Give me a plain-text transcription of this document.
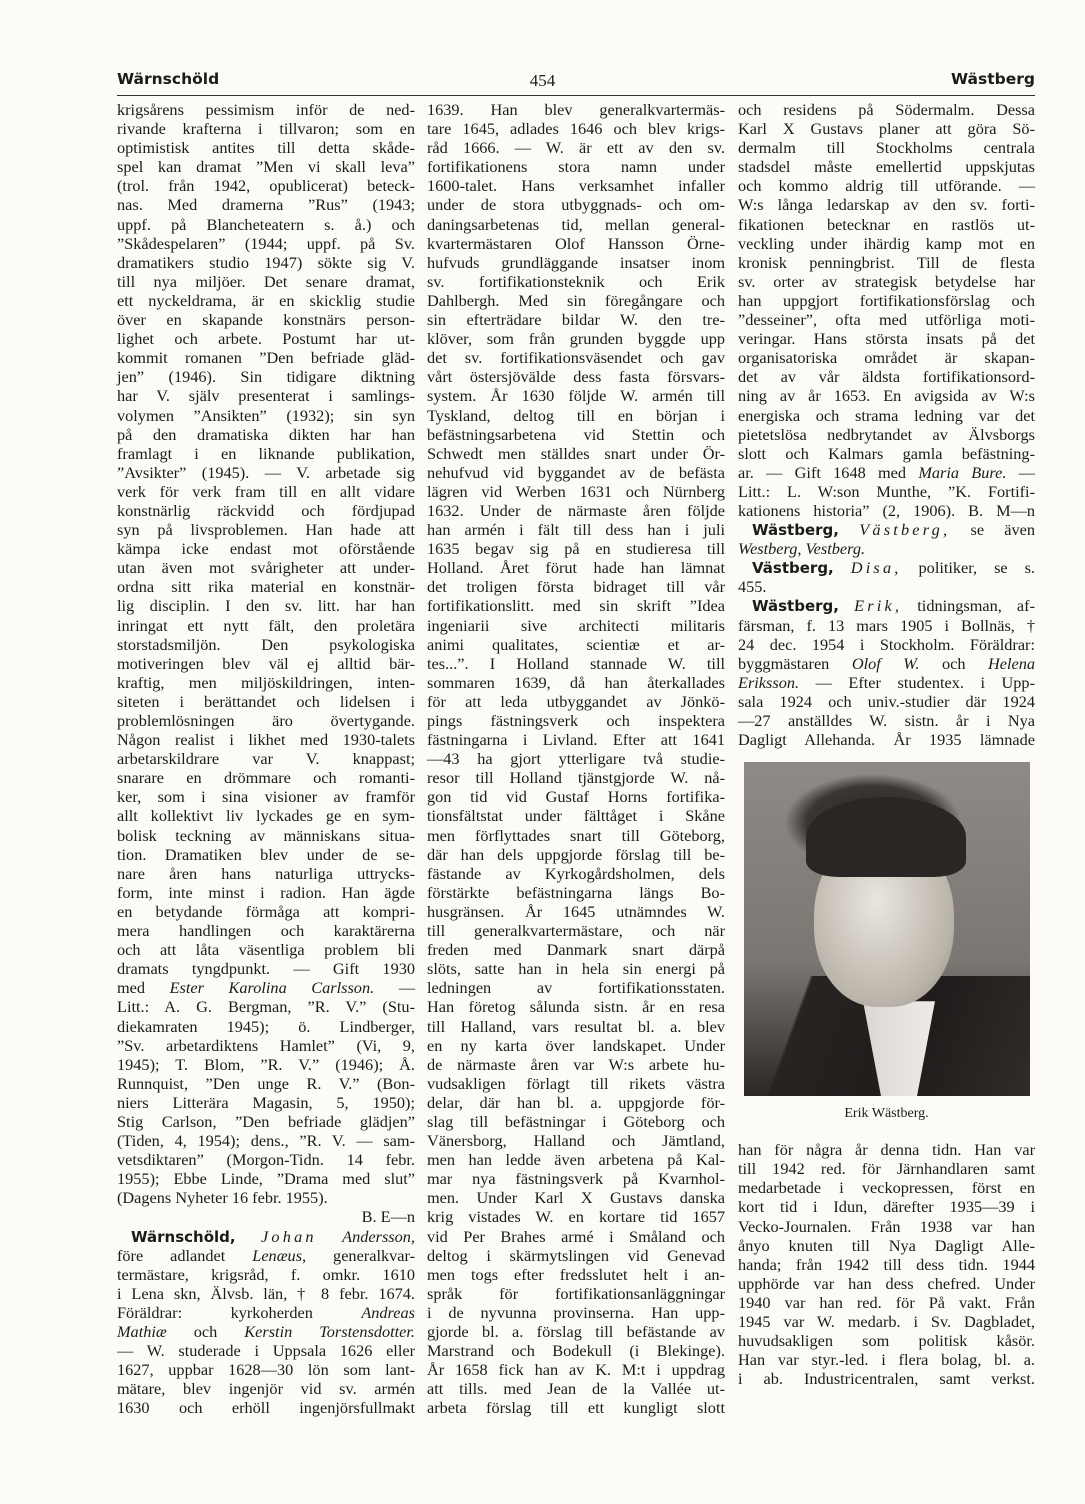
Wärnschöld	454	Wästberg
krigsårens pessimism inför de ned-
rivande krafterna i tillvaron; som en
optimistisk antites till detta skåde-
spel kan dramat ”Men vi skall leva”
(trol. från 1942, opublicerat) beteck-
nas. Med dramerna ”Rus” (1943;
uppf. på Blancheteatern s. å.) och
”Skådespelaren” (1944; uppf. på Sv.
dramatikers studio 1947) sökte sig V.
till nya miljöer. Det senare dramat,
ett nyckeldrama, är en skicklig studie
över en skapande konstnärs person-
lighet och arbete. Postumt har ut-
kommit romanen ”Den befriade gläd-
jen” (1946). Sin tidigare diktning
har V. själv presenterat i samlings-
volymen ”Ansikten” (1932); sin syn
på den dramatiska dikten har han
framlagt i en liknande publikation,
”Avsikter” (1945). — V. arbetade sig
verk för verk fram till en allt vidare
konstnärlig räckvidd och fördjupad
syn på livsproblemen. Han hade att
kämpa icke endast mot oförstående
utan även mot svårigheter att under-
ordna sitt rika material en konstnär-
lig disciplin. I den sv. litt. har han
inringat ett nytt fält, den proletära
storstadsmiljön. Den psykologiska
motiveringen blev väl ej alltid bär-
kraftig, men miljöskildringen, inten-
siteten i berättandet och lidelsen i
problemlösningen äro övertygande.
Någon realist i likhet med 1930-talets
arbetarskildrare var V. knappast;
snarare en drömmare och romanti-
ker, som i sina visioner av framför
allt kollektivt liv lyckades ge en sym-
bolisk teckning av människans situa-
tion. Dramatiken blev under de se-
nare åren hans naturliga uttrycks-
form, inte minst i radion. Han ägde
en betydande förmåga att kompri-
mera handlingen och karaktärerna
och att låta väsentliga problem bli
dramats tyngdpunkt. — Gift 1930
med Ester Karolina Carlsson. —
Litt.: A. G. Bergman, ”R. V.” (Stu-
diekamraten 1945); ö. Lindberger,
”Sv. arbetardiktens Hamlet” (Vi, 9,
1945); T. Blom, ”R. V.” (1946); Å.
Runnquist, ”Den unge R. V.” (Bon-
niers Litterära Magasin, 5, 1950);
Stig Carlson, ”Den befriade glädjen”
(Tiden, 4, 1954); dens., ”R. V. — sam-
vetsdiktaren” (Morgon-Tidn. 14 febr.
1955); Ebbe Linde, ”Drama med slut”
(Dagens Nyheter 16 febr. 1955).
B. E—n
Wärnschöld, Johan Andersson,
före adlandet Lenæus, generalkvar-
termästare, krigsråd, f. omkr. 1610
i Lena skn, Älvsb. län, † 8 febr. 1674.
Föräldrar: kyrkoherden Andreas
Mathiæ och Kerstin Torstensdotter.
— W. studerade i Uppsala 1626 eller
1627, uppbar 1628—30 lön som lant-
mätare, blev ingenjör vid sv. armén
1630 och erhöll ingenjörsfullmakt
1639. Han blev generalkvartermäs-
tare 1645, adlades 1646 och blev krigs-
råd 1666. — W. är ett av den sv.
fortifikationens stora namn under
1600-talet. Hans verksamhet infaller
under de stora utbyggnads- och om-
daningsarbetenas tid, mellan general-
kvartermästaren Olof Hansson Örne-
hufvuds grundläggande insatser inom
sv. fortifikationsteknik och Erik
Dahlbergh. Med sin föregångare och
sin efterträdare bildar W. den tre-
klöver, som från grunden byggde upp
det sv. fortifikationsväsendet och gav
vårt östersjövälde dess fasta försvars-
system. År 1630 följde W. armén till
Tyskland, deltog till en början i
befästningsarbetena vid Stettin och
Schwedt men ställdes snart under Ör-
nehufvud vid byggandet av de befästa
lägren vid Werben 1631 och Nürnberg
1632. Under de närmaste åren följde
han armén i fält till dess han i juli
1635 begav sig på en studieresa till
Holland. Året förut hade han lämnat
det troligen första bidraget till vår
fortifikationslitt. med sin skrift ”Idea
ingeniarii sive architecti militaris
animi qualitates, scientiæ et ar-
tes...”. I Holland stannade W. till
sommaren 1639, då han återkallades
för att leda utbyggandet av Jönkö-
pings fästningsverk och inspektera
fästningarna i Livland. Efter att 1641
—43 ha gjort ytterligare två studie-
resor till Holland tjänstgjorde W. nå-
gon tid vid Gustaf Horns fortifika-
tionsfältstat under fälttåget i Skåne
men förflyttades snart till Göteborg,
där han dels uppgjorde förslag till be-
fästande av Kyrkogårdsholmen, dels
förstärkte befästningarna längs Bo-
husgränsen. År 1645 utnämndes W.
till generalkvartermästare, och när
freden med Danmark snart därpå
slöts, satte han in hela sin energi på
ledningen av fortifikationsstaten.
Han företog sålunda sistn. år en resa
till Halland, vars resultat bl. a. blev
en ny karta över landskapet. Under
de närmaste åren var W:s arbete hu-
vudsakligen förlagt till rikets västra
delar, där han bl. a. uppgjorde för-
slag till befästningar i Göteborg och
Vänersborg, Halland och Jämtland,
men han ledde även arbetena på Kal-
mar nya fästningsverk på Kvarnhol-
men. Under Karl X Gustavs danska
krig vistades W. en kortare tid 1657
vid Per Brahes armé i Småland och
deltog i skärmytslingen vid Genevad
men togs efter fredsslutet helt i an-
språk för fortifikationsanläggningar
i de nyvunna provinserna. Han upp-
gjorde bl. a. förslag till befästande av
Marstrand och Bodekull (i Blekinge).
År 1658 fick han av K. M:t i uppdrag
att tills. med Jean de la Vallée ut-
arbeta förslag till ett kungligt slott
och residens på Södermalm. Dessa
Karl X Gustavs planer att göra Sö-
dermalm till Stockholms centrala
stadsdel måste emellertid uppskjutas
och kommo aldrig till utförande. —
W:s långa ledarskap av den sv. forti-
fikationen betecknar en rastlös ut-
veckling under ihärdig kamp mot en
kronisk penningbrist. Till de flesta
sv. orter av strategisk betydelse har
han uppgjort fortifikationsförslag och
”desseiner”, ofta med utförliga moti-
veringar. Hans största insats på det
organisatoriska området är skapan-
det av vår äldsta fortifikationsord-
ning av år 1653. En avigsida av W:s
energiska och strama ledning var det
pietetslösa nedbrytandet av Älvsborgs
slott och Kalmars gamla befästning-
ar. — Gift 1648 med Maria Bure. —
Litt.: L. W:son Munthe, ”K. Fortifi-
kationens historia” (2, 1906). B. M—n
Wästberg, Västberg, se även
Westberg, Vestberg.
Västberg, Disa, politiker, se s.
455.
Wästberg, Erik, tidningsman, af-
färsman, f. 13 mars 1905 i Bollnäs, †
24 dec. 1954 i Stockholm. Föräldrar:
byggmästaren Olof W. och Helena
Eriksson. — Efter studentex. i Upp-
sala 1924 och univ.-studier där 1924
—27 anställdes W. sistn. år i Nya
Dagligt Allehanda. År 1935 lämnade
Erik Wästberg.
han för några år denna tidn. Han var
till 1942 red. för Järnhandlaren samt
medarbetade i veckopressen, först en
kort tid i Idun, därefter 1935—39 i
Vecko-Journalen. Från 1938 var han
ånyo knuten till Nya Dagligt Alle-
handa; från 1942 till dess tidn. 1944
upphörde var han dess chefred. Under
1940 var han red. för På vakt. Från
1945 var W. medarb. i Sv. Dagbladet,
huvudsakligen som politisk kåsör.
Han var styr.-led. i flera bolag, bl. a.
i ab. Industricentralen, samt verkst.
